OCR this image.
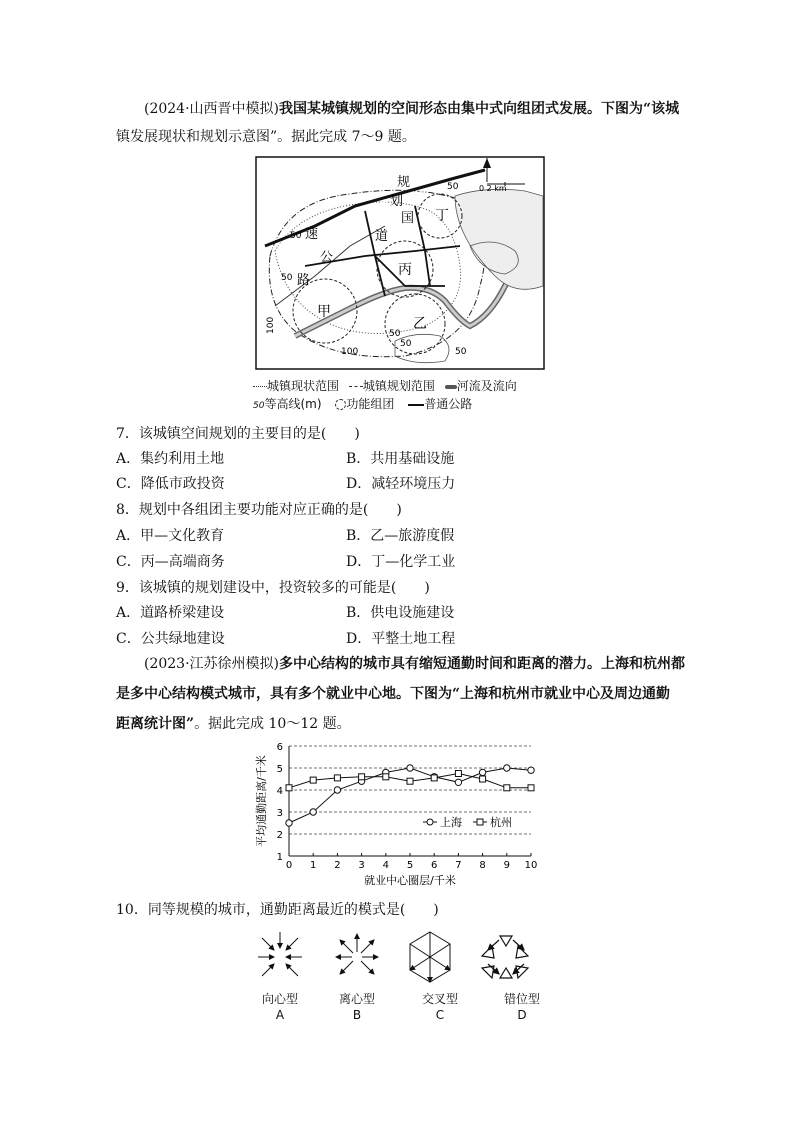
(2024·山西晋中模拟)我国某城镇规划的空间形态由集中式向组团式发展。下图为“该城
镇发展现状和规划示意图”。据此完成 7～9 题。
0 2 km
规
划
国
道
速
公
路
甲
乙
丙
丁
50
50
50
50
50
100
100
50
城镇现状范围 城镇规划范围 河流及流向
50等高线(m) 功能组团 普通公路
7．该城镇空间规划的主要目的是(　　)
A．集约利用土地	B．共用基础设施
C．降低市政投资	D．减轻环境压力
8．规划中各组团主要功能对应正确的是(　　)
A．甲—文化教育	B．乙—旅游度假
C．丙—高端商务	D．丁—化学工业
9．该城镇的规划建设中，投资较多的可能是(　　)
A．道路桥梁建设	B．供电设施建设
C．公共绿地建设	D．平整土地工程
(2023·江苏徐州模拟)多中心结构的城市具有缩短通勤时间和距离的潜力。上海和杭州都
是多中心结构模式城市，具有多个就业中心地。下图为“上海和杭州市就业中心及周边通勤
距离统计图”。据此完成 10～12 题。
1
2
3
4
5
6
0 1 2 3 4 5 6 7 8 9 10
就业中心圈层/千米
平均通勤距离/千米	上海	杭州
10．同等规模的城市，通勤距离最近的模式是(　　)
向心型	离心型	交叉型	错位型
A	B	C	D
